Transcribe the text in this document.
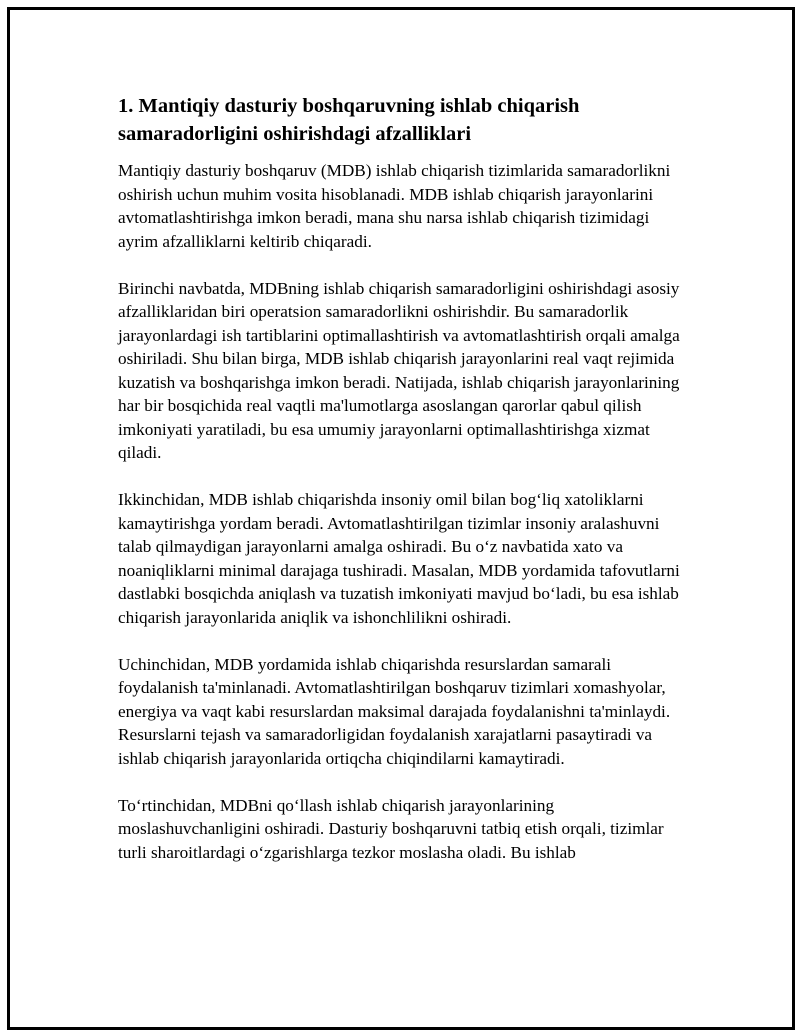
1. Mantiqiy dasturiy boshqaruvning ishlab chiqarish samaradorligini oshirishdagi afzalliklari

Mantiqiy dasturiy boshqaruv (MDB) ishlab chiqarish tizimlarida samaradorlikni oshirish uchun muhim vosita hisoblanadi. MDB ishlab chiqarish jarayonlarini avtomatlashtirishga imkon beradi, mana shu narsa ishlab chiqarish tizimidagi ayrim afzalliklarni keltirib chiqaradi.

Birinchi navbatda, MDBning ishlab chiqarish samaradorligini oshirishdagi asosiy afzalliklaridan biri operatsion samaradorlikni oshirishdir. Bu samaradorlik jarayonlardagi ish tartiblarini optimallashtirish va avtomatlashtirish orqali amalga oshiriladi. Shu bilan birga, MDB ishlab chiqarish jarayonlarini real vaqt rejimida kuzatish va boshqarishga imkon beradi. Natijada, ishlab chiqarish jarayonlarining har bir bosqichida real vaqtli ma'lumotlarga asoslangan qarorlar qabul qilish imkoniyati yaratiladi, bu esa umumiy jarayonlarni optimallashtirishga xizmat qiladi.

Ikkinchidan, MDB ishlab chiqarishda insoniy omil bilan bog‘liq xatoliklarni kamaytirishga yordam beradi. Avtomatlashtirilgan tizimlar insoniy aralashuvni talab qilmaydigan jarayonlarni amalga oshiradi. Bu o‘z navbatida xato va noaniqliklarni minimal darajaga tushiradi. Masalan, MDB yordamida tafovutlarni dastlabki bosqichda aniqlash va tuzatish imkoniyati mavjud bo‘ladi, bu esa ishlab chiqarish jarayonlarida aniqlik va ishonchlilikni oshiradi.

Uchinchidan, MDB yordamida ishlab chiqarishda resurslardan samarali foydalanish ta'minlanadi. Avtomatlashtirilgan boshqaruv tizimlari xomashyolar, energiya va vaqt kabi resurslardan maksimal darajada foydalanishni ta'minlaydi. Resurslarni tejash va samaradorligidan foydalanish xarajatlarni pasaytiradi va ishlab chiqarish jarayonlarida ortiqcha chiqindilarni kamaytiradi.

To‘rtinchidan, MDBni qo‘llash ishlab chiqarish jarayonlarining moslashuvchanligini oshiradi. Dasturiy boshqaruvni tatbiq etish orqali, tizimlar turli sharoitlardagi o‘zgarishlarga tezkor moslasha oladi. Bu ishlab
